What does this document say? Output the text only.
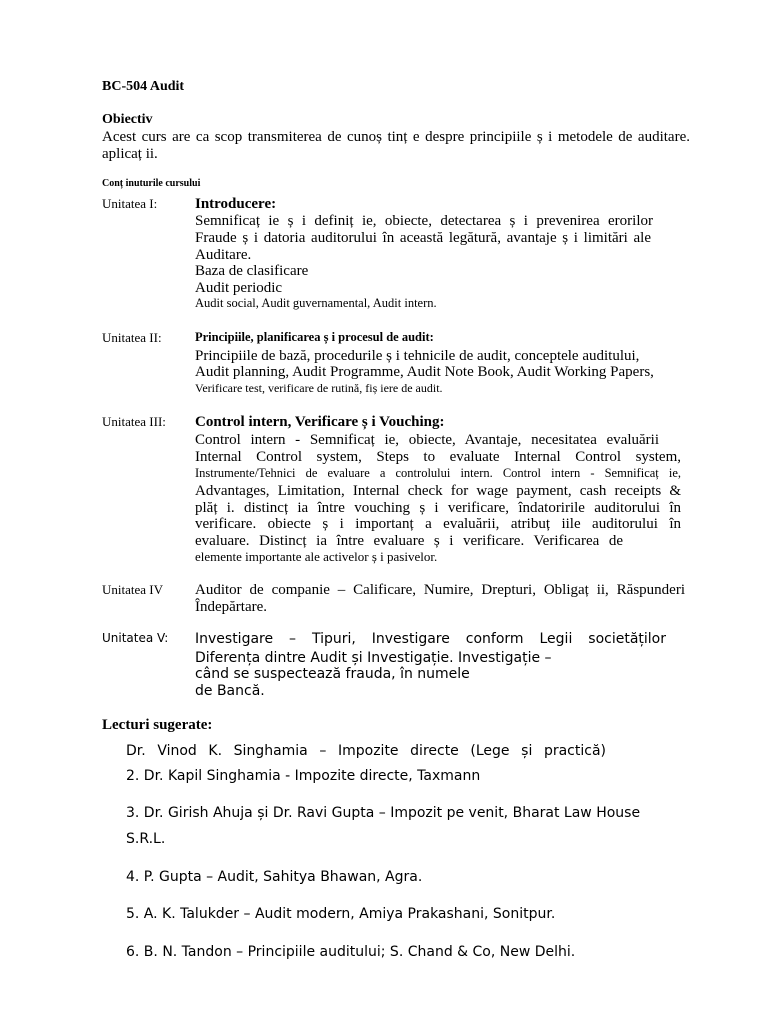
BC-504 Audit
Obiectiv
Acest curs are ca scop transmiterea de cunoș tinț e despre principiile ș i metodele de auditare.
aplicaț ii.
Conț inuturile cursului
Unitatea I:	Introducere:
Semnificaț ie ș i definiț ie, obiecte, detectarea ș i prevenirea erorilor
Fraude ș i datoria auditorului în această legătură, avantaje ș i limitări ale
Auditare.
Baza de clasificare
Audit periodic
Audit social, Audit guvernamental, Audit intern.
Unitatea II:	Principiile, planificarea ș i procesul de audit:
Principiile de bază, procedurile ș i tehnicile de audit, conceptele auditului,
Audit planning, Audit Programme, Audit Note Book, Audit Working Papers,
Verificare test, verificare de rutină, fiș iere de audit.
Unitatea III: Control intern, Verificare ș i Vouching:
Control intern - Semnificaț ie, obiecte, Avantaje, necesitatea evaluării
Internal Control system, Steps to evaluate Internal Control system,
Instrumente/Tehnici de evaluare a controlului intern. Control intern - Semnificaț ie,
Advantages, Limitation, Internal check for wage payment, cash receipts &
plăț i. distincț ia între vouching ș i verificare, îndatoririle auditorului în
verificare. obiecte ș i importanț a evaluării, atribuț iile auditorului în
evaluare. Distincț ia între evaluare ș i verificare. Verificarea de
elemente importante ale activelor ș i pasivelor.
Unitatea IV Auditor de companie – Calificare, Numire, Drepturi, Obligaț ii, Răspunderi
Îndepărtare.
Unitatea V: Investigare – Tipuri, Investigare conform Legii societăților
Diferența dintre Audit și Investigație. Investigație –
când se suspectează frauda, în numele
de Bancă.
Lecturi sugerate:
Dr. Vinod K. Singhamia – Impozite directe (Lege și practică)
2. Dr. Kapil Singhamia - Impozite directe, Taxmann
3. Dr. Girish Ahuja și Dr. Ravi Gupta – Impozit pe venit, Bharat Law House
S.R.L.
4. P. Gupta – Audit, Sahitya Bhawan, Agra.
5. A. K. Talukder – Audit modern, Amiya Prakashani, Sonitpur.
6. B. N. Tandon – Principiile auditului; S. Chand & Co, New Delhi.
